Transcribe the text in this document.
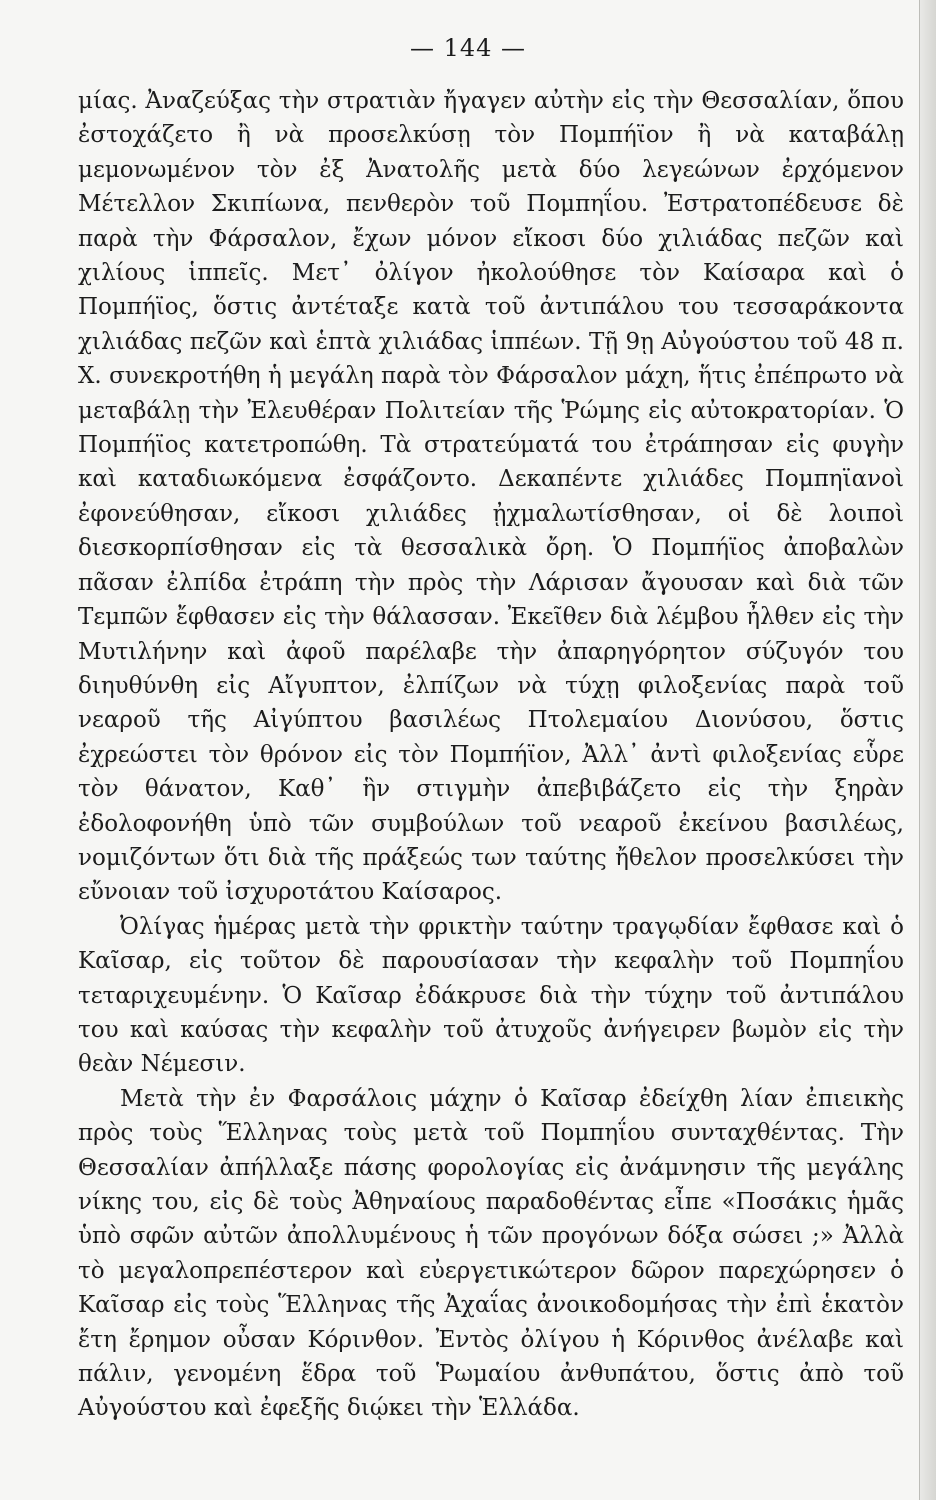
— 144 —

μίας. Ἀναζεύξας τὴν στρατιὰν ἤγαγεν αὐτὴν εἰς τὴν Θεσσαλίαν, ὅπου ἐστοχάζετο ἢ νὰ προσελκύσῃ τὸν Πομπήϊον ἢ νὰ καταβάλῃ μεμονωμένον τὸν ἐξ Ἀνατολῆς μετὰ δύο λεγεώνων ἐρχόμενον Μέτελλον Σκιπίωνα, πενθερὸν τοῦ Πομπηΐου. Ἐστρατοπέδευσε δὲ παρὰ τὴν Φάρσαλον, ἔχων μόνον εἴκοσι δύο χιλιάδας πεζῶν καὶ χιλίους ἱππεῖς. Μετ᾽ ὀλίγον ἠκολούθησε τὸν Καίσαρα καὶ ὁ Πομπήϊος, ὅστις ἀντέταξε κατὰ τοῦ ἀντιπάλου του τεσσαράκοντα χιλιάδας πεζῶν καὶ ἑπτὰ χιλιάδας ἱππέων. Τῇ 9ῃ Αὐγούστου τοῦ 48 π. Χ. συνεκροτήθη ἡ μεγάλη παρὰ τὸν Φάρσαλον μάχη, ἥτις ἐπέπρωτο νὰ μεταβάλῃ τὴν Ἐλευθέραν Πολιτείαν τῆς Ῥώμης εἰς αὐτοκρατορίαν. Ὁ Πομπήϊος κατετροπώθη. Τὰ στρατεύματά του ἐτράπησαν εἰς φυγὴν καὶ καταδιωκόμενα ἐσφάζοντο. Δεκαπέντε χιλιάδες Πομπηϊανοὶ ἐφονεύθησαν, εἴκοσι χιλιάδες ᾐχμαλωτίσθησαν, οἱ δὲ λοιποὶ διεσκορπίσθησαν εἰς τὰ θεσσαλικὰ ὄρη. Ὁ Πομπήϊος ἀποβαλὼν πᾶσαν ἐλπίδα ἐτράπη τὴν πρὸς τὴν Λάρισαν ἄγουσαν καὶ διὰ τῶν Τεμπῶν ἔφθασεν εἰς τὴν θάλασσαν. Ἐκεῖθεν διὰ λέμβου ἦλθεν εἰς τὴν Μυτιλήνην καὶ ἀφοῦ παρέλαβε τὴν ἀπαρηγόρητον σύζυγόν του διηυθύνθη εἰς Αἴγυπτον, ἐλπίζων νὰ τύχῃ φιλοξενίας παρὰ τοῦ νεαροῦ τῆς Αἰγύπτου βασιλέως Πτολεμαίου Διονύσου, ὅστις ἐχρεώστει τὸν θρόνον εἰς τὸν Πομπήϊον, Ἀλλ᾽ ἀντὶ φιλοξενίας εὗρε τὸν θάνατον, Καθ᾽ ἣν στιγμὴν ἀπεβιβάζετο εἰς τὴν ξηρὰν ἐδολοφονήθη ὑπὸ τῶν συμβούλων τοῦ νεαροῦ ἐκείνου βασιλέως, νομιζόντων ὅτι διὰ τῆς πράξεώς των ταύτης ἤθελον προσελκύσει τὴν εὔνοιαν τοῦ ἰσχυροτάτου Καίσαρος.

Ὀλίγας ἡμέρας μετὰ τὴν φρικτὴν ταύτην τραγῳδίαν ἔφθασε καὶ ὁ Καῖσαρ, εἰς τοῦτον δὲ παρουσίασαν τὴν κεφαλὴν τοῦ Πομπηΐου τεταριχευμένην. Ὁ Καῖσαρ ἐδάκρυσε διὰ τὴν τύχην τοῦ ἀντιπάλου του καὶ καύσας τὴν κεφαλὴν τοῦ ἀτυχοῦς ἀνήγειρεν βωμὸν εἰς τὴν θεὰν Νέμεσιν.

Μετὰ τὴν ἐν Φαρσάλοις μάχην ὁ Καῖσαρ ἐδείχθη λίαν ἐπιεικὴς πρὸς τοὺς Ἕλληνας τοὺς μετὰ τοῦ Πομπηΐου συνταχθέντας. Τὴν Θεσσαλίαν ἀπήλλαξε πάσης φορολογίας εἰς ἀνάμνησιν τῆς μεγάλης νίκης του, εἰς δὲ τοὺς Ἀθηναίους παραδοθέντας εἶπε «Ποσάκις ἡμᾶς ὑπὸ σφῶν αὐτῶν ἀπολλυμένους ἡ τῶν προγόνων δόξα σώσει ;» Ἀλλὰ τὸ μεγαλοπρεπέστερον καὶ εὐεργετικώτερον δῶρον παρεχώρησεν ὁ Καῖσαρ εἰς τοὺς Ἕλληνας τῆς Ἀχαΐας ἀνοικοδομήσας τὴν ἐπὶ ἑκατὸν ἔτη ἔρημον οὖσαν Κόρινθον. Ἐντὸς ὀλίγου ἡ Κόρινθος ἀνέλαβε καὶ πάλιν, γενομένη ἕδρα τοῦ Ῥωμαίου ἀνθυπάτου, ὅστις ἀπὸ τοῦ Αὐγούστου καὶ ἐφεξῆς διῴκει τὴν Ἑλλάδα.
